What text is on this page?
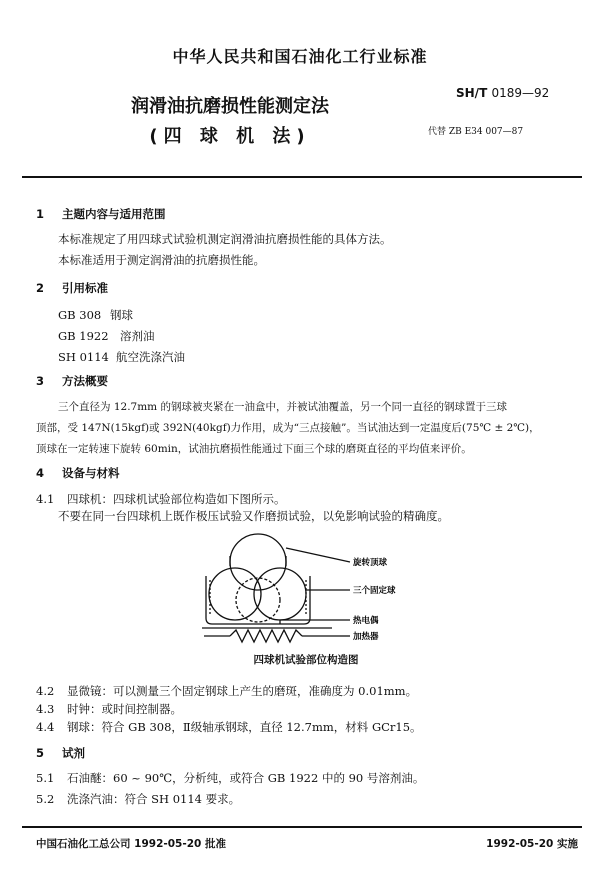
中华人民共和国石油化工行业标准
SH/T 0189—92
润滑油抗磨损性能测定法
(四 球 机 法)	代替 ZB E34 007—87
1 主题内容与适用范围
本标准规定了用四球式试验机测定润滑油抗磨损性能的具体方法。
本标准适用于测定润滑油的抗磨损性能。
2 引用标准
GB 308 钢球
GB 1922 溶剂油
SH 0114 航空洗涤汽油
3 方法概要
三个直径为 12.7mm 的钢球被夹紧在一油盒中，并被试油覆盖，另一个同一直径的钢球置于三球
顶部，受 147N(15kgf)或 392N(40kgf)力作用，成为“三点接触”。当试油达到一定温度后(75℃ ± 2℃)，
顶球在一定转速下旋转 60min，试油抗磨损性能通过下面三个球的磨斑直径的平均值来评价。
4 设备与材料
4.1 四球机：四球机试验部位构造如下图所示。
不要在同一台四球机上既作极压试验又作磨损试验，以免影响试验的精确度。
旋转顶球
三个固定球
热电偶
加热器
四球机试验部位构造图
4.2 显微镜：可以测量三个固定钢球上产生的磨斑，准确度为 0.01mm。
4.3 时钟：或时间控制器。
4.4 钢球：符合 GB 308，Ⅱ级轴承钢球，直径 12.7mm，材料 GCr15。
5 试剂
5.1 石油醚：60 ~ 90℃，分析纯，或符合 GB 1922 中的 90 号溶剂油。
5.2 洗涤汽油：符合 SH 0114 要求。
中国石油化工总公司 1992-05-20 批准	1992-05-20 实施
